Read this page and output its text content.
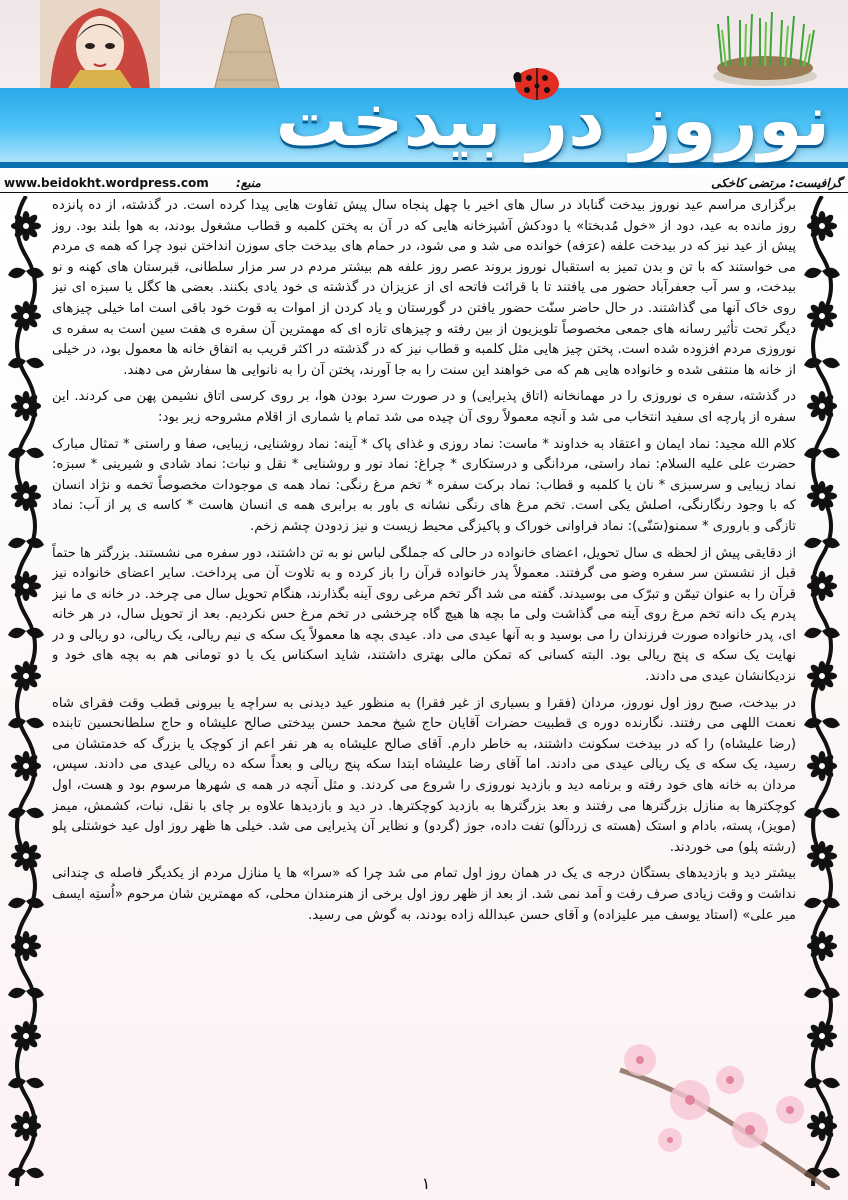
نوروز در بیدخت
www.beidokht.wordpress.com منبع:	گرافیست: مرتضی کاخکی

برگزاری مراسم عید نوروز بیدخت گناباد در سال های اخیر با چهل پنجاه سال پیش تفاوت هایی پیدا کرده است. در گذشته، از ده پانزده روز مانده به عید، دود از «خول مُدبختا» یا دودکش آشپزخانه هایی که در آن به پختن کلمبه و قطاب مشغول بودند، به هوا بلند بود. روز پیش از عید نیز که در بیدخت علفه (عرَفه) خوانده می شد و می شود، در حمام های بیدخت جای سوزن انداختن نبود چرا که همه ی مردم می خواستند که با تن و بدن تمیز به استقبال نوروز بروند عصر روز علفه هم بیشتر مردم در سر مزار سلطانی، قبرستان های کهنه و نو بیدخت، و سر آب جعفرآباد حضور می یافتند تا با قرائت فاتحه ای از عزیزان در گذشته ی خود یادی بکنند. بعضی ها کگل یا سبزه ای نیز روی خاک آنها می گذاشتند. در حال حاضر سنّت حضور یافتن در گورستان و یاد کردن از اموات به قوت خود باقی است اما خیلی چیزهای دیگر تحت تأثیر رسانه های جمعی مخصوصاً تلویزیون از بین رفته و چیزهای تازه ای که مهمترین آن سفره ی هفت سین است به سفره ی نوروزی مردم افزوده شده است. پختن چیز هایی مثل کلمبه و قطاب نیز که در گذشته در اکثر قریب به اتفاق خانه ها معمول بود، در خیلی از خانه ها منتفی شده و خانواده هایی هم که می خواهند این سنت را به جا آورند، پختن آن را به نانوایی ها سفارش می دهند.

در گذشته، سفره ی نوروزی را در مهمانخانه (اتاق پذیرایی) و در صورت سرد بودن هوا، بر روی کرسی اتاق نشیمن پهن می کردند. این سفره از پارچه ای سفید انتخاب می شد و آنچه معمولاً روی آن چیده می شد تمام یا شماری از اقلام مشروحه زیر بود:

کلام الله مجید: نماد ایمان و اعتقاد به خداوند * ماست: نماد روزی و غذای پاک * آینه: نماد روشنایی، زیبایی، صفا و راستی * تمثال مبارک حضرت علی علیه السلام: نماد راستی، مردانگی و درستکاری * چراغ: نماد نور و روشنایی * نقل و نبات: نماد شادی و شیرینی * سبزه: نماد زیبایی و سرسبزی * نان یا کلمبه و قطاب: نماد برکت سفره * تخم مرغ رنگی: نماد همه ی موجودات مخصوصاً تخمه و نژاد انسان که با وجود رنگارنگی، اصلش یکی است. تخم مرغ های رنگی نشانه ی باور به برابری همه ی انسان هاست * کاسه ی پر از آب: نماد تازگی و باروری * سمنو(سَنّی): نماد فراوانی خوراک و پاکیزگی محیط زیست و نیز زدودن چشم زخم.

از دقایقی پیش از لحظه ی سال تحویل، اعضای خانواده در حالی که جملگی لباس نو به تن داشتند، دور سفره می نشستند. بزرگتر ها حتماً قبل از نشستن سر سفره وضو می گرفتند. معمولاً پدر خانواده قرآن را باز کرده و به تلاوت آن می پرداخت. سایر اعضای خانواده نیز قرآن را به عنوان تیمّن و تبرّک می بوسیدند. گفته می شد اگر تخم مرغی روی آینه بگذارند، هنگام تحویل سال می چرخد. در خانه ی ما نیز پدرم یک دانه تخم مرغ روی آینه می گذاشت ولی ما بچه ها هیچ گاه چرخشی در تخم مرغ حس نکردیم. بعد از تحویل سال، در هر خانه ای، پدر خانواده صورت فرزندان را می بوسید و به آنها عیدی می داد. عیدی بچه ها معمولاً یک سکه ی نیم ریالی، یک ریالی، دو ریالی و در نهایت یک سکه ی پنج ریالی بود. البته کسانی که تمکن مالی بهتری داشتند، شاید اسکناس یک یا دو تومانی هم به بچه های خود و نزدیکانشان عیدی می دادند.

در بیدخت، صبح روز اول نوروز، مردان (فقرا و بسیاری از غیر فقرا) به منظور عید دیدنی به سراچه یا بیرونی قطب وقت فقرای شاه نعمت اللهی می رفتند. نگارنده دوره ی قطبیت حضرات آقایان حاج شیخ محمد حسن بیدختی صالح علیشاه و حاج سلطانحسین تابنده (رضا علیشاه) را که در بیدخت سکونت داشتند، به خاطر دارم. آقای صالح علیشاه به هر نفر اعم از کوچک یا بزرگ که خدمتشان می رسید، یک سکه ی یک ریالی عیدی می دادند. اما آقای رضا علیشاه ابتدا سکه پنج ریالی و بعداً سکه ده ریالی عیدی می دادند. سپس، مردان به خانه های خود رفته و برنامه دید و بازدید نوروزی را شروع می کردند. و مثل آنچه در همه ی شهرها مرسوم بود و هست، اول کوچکترها به منازل بزرگترها می رفتند و بعد بزرگترها به بازدید کوچکترها. در دید و بازدیدها علاوه بر چای با نقل، نبات، کشمش، میمز (مویز)، پسته، بادام و استک (هسته ی زردآلو) تفت داده، جوز (گردو) و نظایر آن پذیرایی می شد. خیلی ها ظهر روز اول عید خوشتلی پلو (رشته پلو) می خوردند.

بیشتر دید و بازدیدهای بستگان درجه ی یک در همان روز اول تمام می شد چرا که «سرا» ها یا منازل مردم از یکدیگر فاصله ی چندانی نداشت و وقت زیادی صرف رفت و آمد نمی شد. از بعد از ظهر روز اول برخی از هنرمندان محلی، که مهمترین شان مرحوم «اُستِه ایسف میر علی» (استاد یوسف میر علیزاده) و آقای حسن عبدالله زاده بودند، به گوش می رسید.

١
